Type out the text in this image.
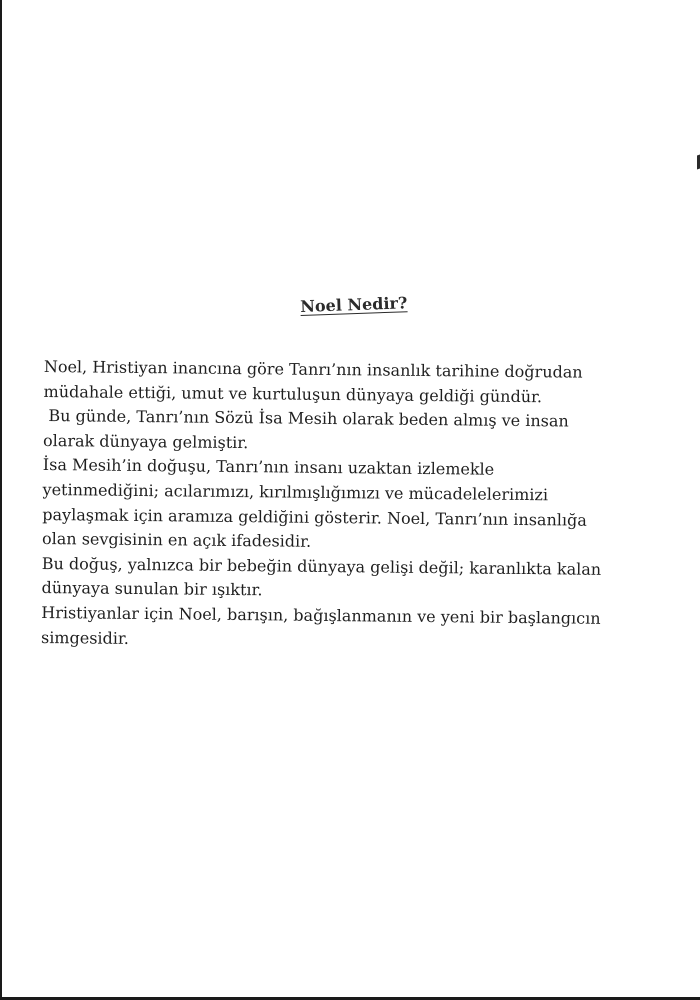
Noel Nedir?
Noel, Hristiyan inancına göre Tanrı’nın insanlık tarihine doğrudan
müdahale ettiği, umut ve kurtuluşun dünyaya geldiği gündür.
Bu günde, Tanrı’nın Sözü İsa Mesih olarak beden almış ve insan
olarak dünyaya gelmiştir.
İsa Mesih’in doğuşu, Tanrı’nın insanı uzaktan izlemekle
yetinmediğini; acılarımızı, kırılmışlığımızı ve mücadelelerimizi
paylaşmak için aramıza geldiğini gösterir. Noel, Tanrı’nın insanlığa
olan sevgisinin en açık ifadesidir.
Bu doğuş, yalnızca bir bebeğin dünyaya gelişi değil; karanlıkta kalan
dünyaya sunulan bir ışıktır.
Hristiyanlar için Noel, barışın, bağışlanmanın ve yeni bir başlangıcın
simgesidir.
